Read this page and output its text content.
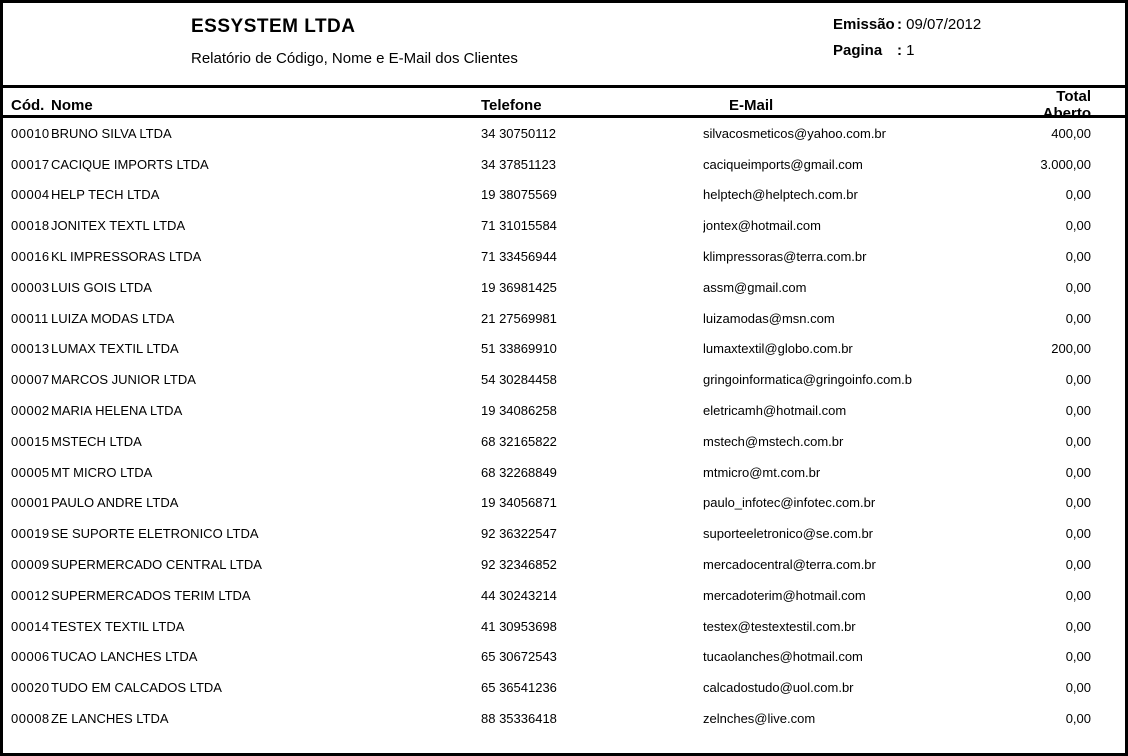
ESSYSTEM LTDA
Relatório de Código, Nome e E-Mail dos Clientes
Emissão : 09/07/2012
Pagina : 1
Cód. Nome	Telefone	E-Mail	Total Aberto
00010 BRUNO SILVA LTDA	34 30750112	silvacosmeticos@yahoo.com.br	400,00
00017 CACIQUE IMPORTS LTDA	34 37851123	caciqueimports@gmail.com	3.000,00
00004 HELP TECH LTDA	19 38075569	helptech@helptech.com.br	0,00
00018 JONITEX TEXTL LTDA	71 31015584	jontex@hotmail.com	0,00
00016 KL IMPRESSORAS LTDA	71 33456944	klimpressoras@terra.com.br	0,00
00003 LUIS GOIS LTDA	19 36981425	assm@gmail.com	0,00
00011 LUIZA MODAS LTDA	21 27569981	luizamodas@msn.com	0,00
00013 LUMAX TEXTIL LTDA	51 33869910	lumaxtextil@globo.com.br	200,00
00007 MARCOS JUNIOR LTDA	54 30284458	gringoinformatica@gringoinfo.com.b	0,00
00002 MARIA HELENA LTDA	19 34086258	eletricamh@hotmail.com	0,00
00015 MSTECH LTDA	68 32165822	mstech@mstech.com.br	0,00
00005 MT MICRO LTDA	68 32268849	mtmicro@mt.com.br	0,00
00001 PAULO ANDRE LTDA	19 34056871	paulo_infotec@infotec.com.br	0,00
00019 SE SUPORTE ELETRONICO LTDA	92 36322547	suporteeletronico@se.com.br	0,00
00009 SUPERMERCADO CENTRAL LTDA	92 32346852	mercadocentral@terra.com.br	0,00
00012 SUPERMERCADOS TERIM LTDA	44 30243214	mercadoterim@hotmail.com	0,00
00014 TESTEX TEXTIL LTDA	41 30953698	testex@testextestil.com.br	0,00
00006 TUCAO LANCHES LTDA	65 30672543	tucaolanches@hotmail.com	0,00
00020 TUDO EM CALCADOS LTDA	65 36541236	calcadostudo@uol.com.br	0,00
00008 ZE LANCHES LTDA	88 35336418	zelnches@live.com	0,00
